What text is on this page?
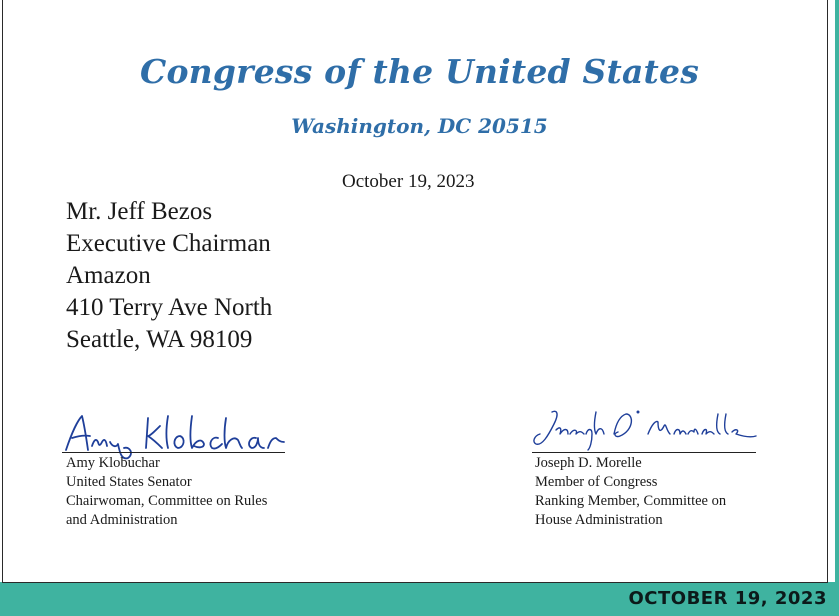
OCTOBER 19, 2023
Congress of the United States
Washington, DC 20515
October 19, 2023
Mr. Jeff Bezos
Executive Chairman
Amazon
410 Terry Ave North
Seattle, WA 98109
Amy Klobuchar
United States Senator
Chairwoman, Committee on Rules
and Administration
Joseph D. Morelle
Member of Congress
Ranking Member, Committee on
House Administration
